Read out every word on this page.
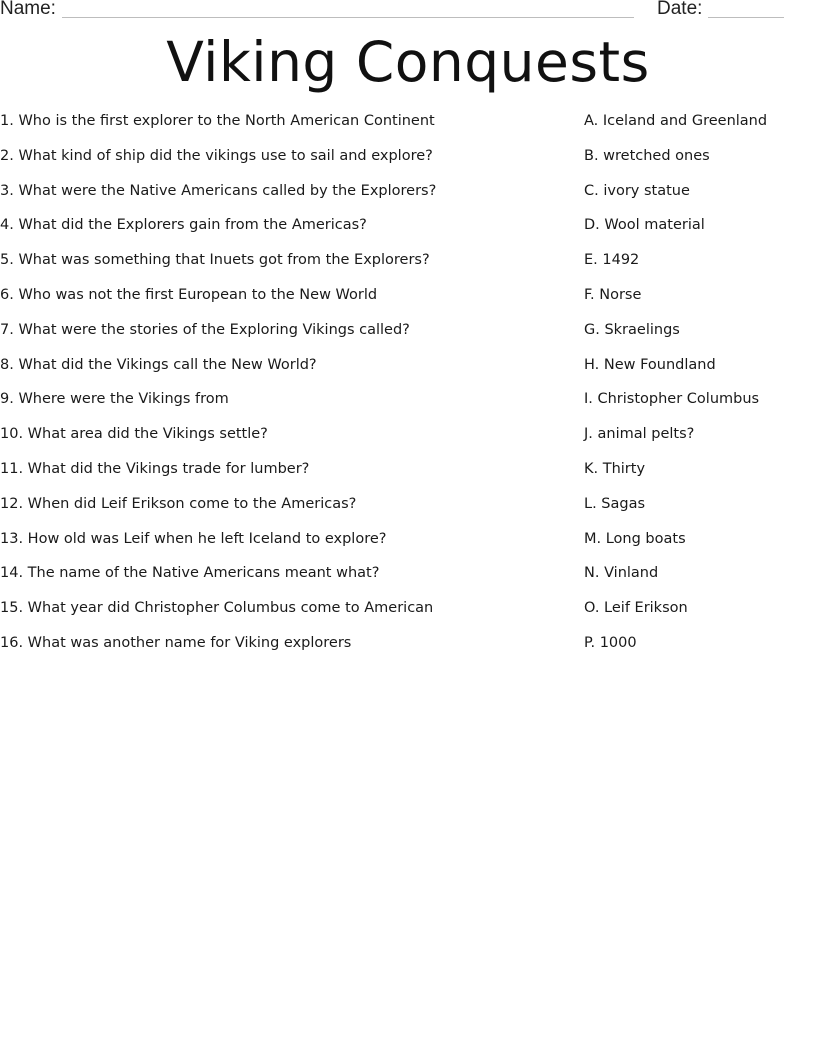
Name:	Date:
Viking Conquests
1. Who is the first explorer to the North American Continent
2. What kind of ship did the vikings use to sail and explore?
3. What were the Native Americans called by the Explorers?
4. What did the Explorers gain from the Americas?
5. What was something that Inuets got from the Explorers?
6. Who was not the first European to the New World
7. What were the stories of the Exploring Vikings called?
8. What did the Vikings call the New World?
9. Where were the Vikings from
10. What area did the Vikings settle?
11. What did the Vikings trade for lumber?
12. When did Leif Erikson come to the Americas?
13. How old was Leif when he left Iceland to explore?
14. The name of the Native Americans meant what?
15. What year did Christopher Columbus come to American
16. What was another name for Viking explorers
A. Iceland and Greenland
B. wretched ones
C. ivory statue
D. Wool material
E. 1492
F. Norse
G. Skraelings
H. New Foundland
I. Christopher Columbus
J. animal pelts?
K. Thirty
L. Sagas
M. Long boats
N. Vinland
O. Leif Erikson
P. 1000
